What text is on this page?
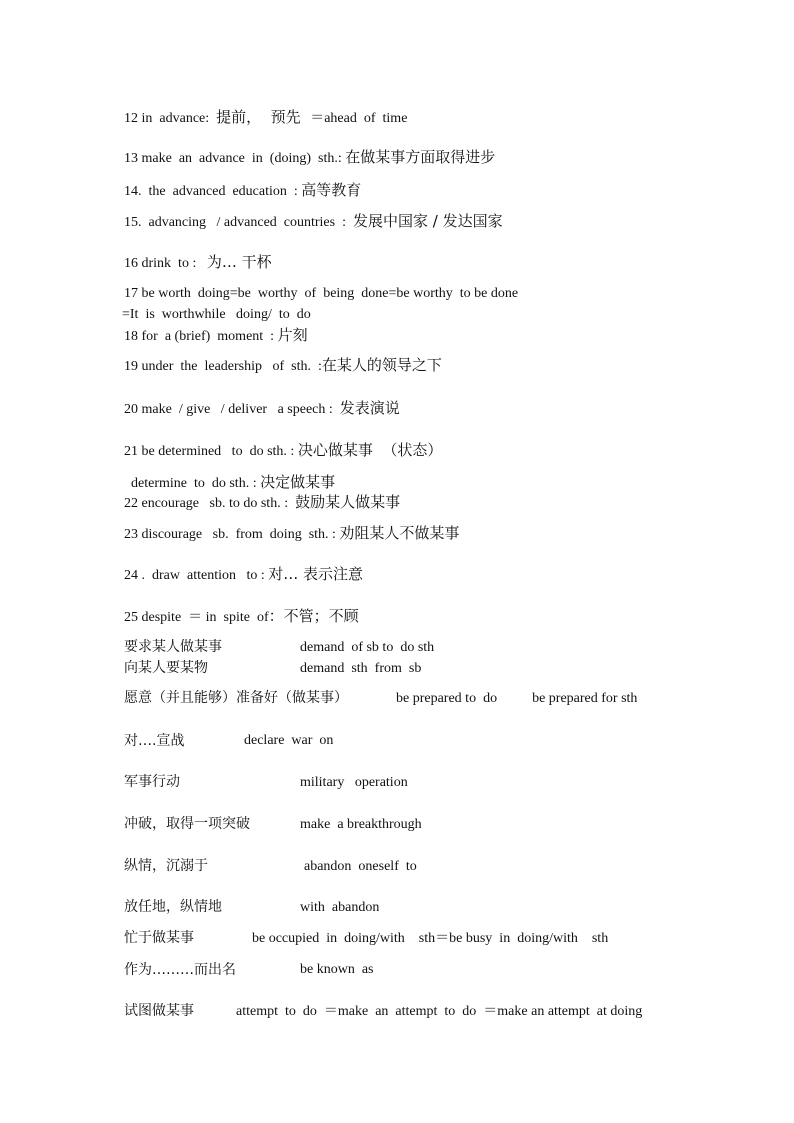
12 in  advance:  提前，  预先  ＝ahead  of  time
13 make  an  advance  in  (doing)  sth.: 在做某事方面取得进步
14.  the  advanced  education  : 高等教育
15.  advancing   / advanced  countries  :  发展中国家 / 发达国家
16 drink  to :   为… 干杯
17 be worth  doing=be  worthy  of  being  done=be worthy  to be done
=It  is  worthwhile   doing/  to  do
18 for  a (brief)  moment  : 片刻
19 under  the  leadership   of  sth.  :在某人的领导之下
20 make  / give   / deliver   a speech :  发表演说
21 be determined   to  do sth. : 决心做某事  （状态）
determine  to  do sth. : 决定做某事
22 encourage   sb. to do sth. :  鼓励某人做某事
23 discourage   sb.  from  doing  sth. : 劝阻某人不做某事
24 .  draw  attention   to : 对… 表示注意
25 despite  ＝ in  spite  of：不管；不顾
要求某人做某事	demand  of sb to  do sth
向某人要某物	demand  sth  from  sb
愿意（并且能够）准备好（做某事）	be prepared to  do          be prepared for sth
对….宣战	declare  war  on
军事行动	military   operation
冲破，取得一项突破	make  a breakthrough
纵情，沉溺于	abandon  oneself  to
放任地，纵情地	with  abandon
忙于做某事	be occupied  in  doing/with    sth＝be busy  in  doing/with    sth
作为………而出名	be known  as
试图做某事	attempt  to  do  ＝make  an  attempt  to  do  ＝make an attempt  at doing
